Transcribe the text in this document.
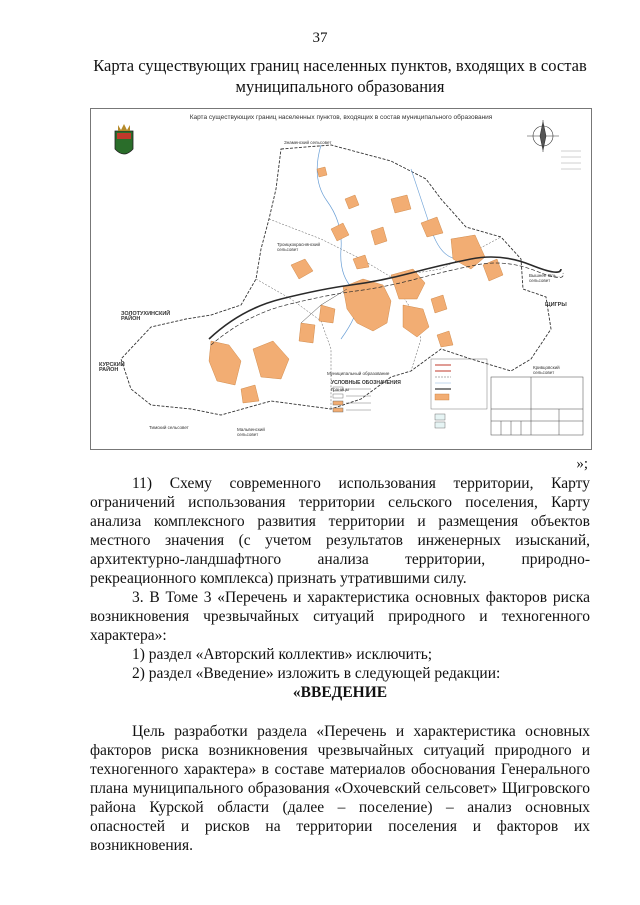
37
Карта существующих границ населенных пунктов, входящих в состав муниципального образования
Карта существующих границ населенных пунктов, входящих в состав муниципального образования
Знаменский сельсовет
Троицкокраснянский сельсовет
ЗОЛОТУХИНСКИЙ РАЙОН
КУРСКИЙ РАЙОН
Вышнее Оль... сельсовет
ЩИГРЫ
Кривцовский сельсовет
Тимский сельсовет	Мальвенский сельсовет
Муниципальный образование
УСЛОВНЫЕ ОБОЗНАЧЕНИЯ
Границы
»;

11) Схему современного использования территории, Карту

ограничений использования территории сельского поселения, Карту

анализа комплексного развития территории и размещения объектов

местного значения (с учетом результатов инженерных изысканий,

архитектурно-ландшафтного анализа территории, природно-

рекреационного комплекса) признать утратившими силу.

3. В Томе 3 «Перечень и характеристика основных факторов риска

возникновения чрезвычайных ситуаций природного и техногенного

характера»:

1) раздел «Авторский коллектив» исключить;

2) раздел «Введение» изложить в следующей редакции:

«ВВЕДЕНИЕ

Цель разработки раздела «Перечень и характеристика основных

факторов риска возникновения чрезвычайных ситуаций природного и

техногенного характера» в составе материалов обоснования Генерального

плана муниципального образования «Охочевский сельсовет» Щигровского

района Курской области (далее – поселение) – анализ основных

опасностей и рисков на территории поселения и факторов их

возникновения.
